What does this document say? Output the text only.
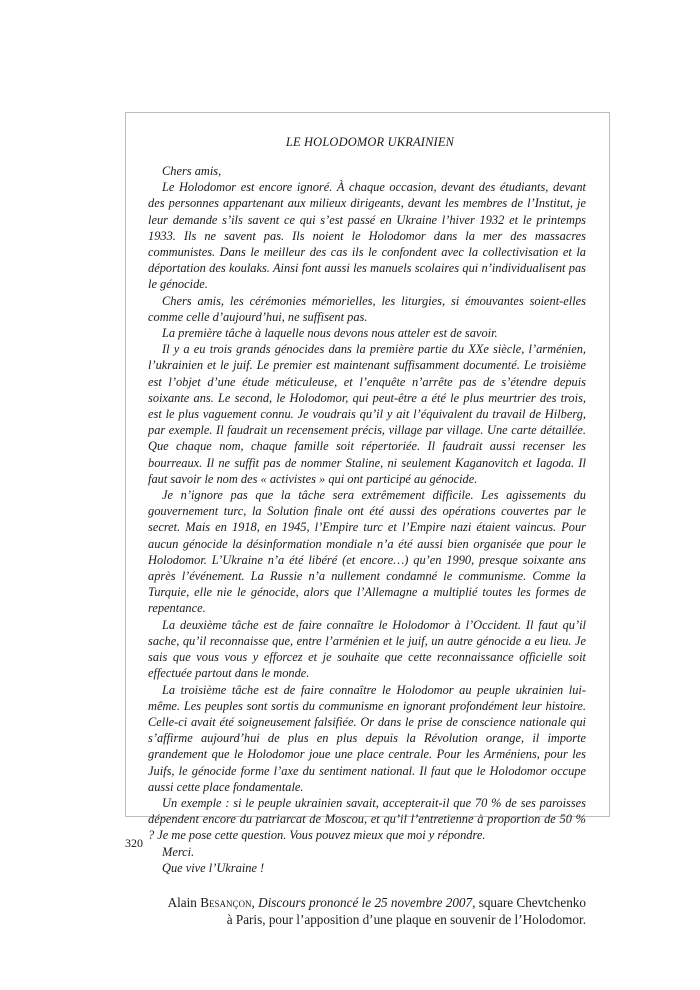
LE HOLODOMOR UKRAINIEN

Chers amis,

Le Holodomor est encore ignoré. À chaque occasion, devant des étudiants, devant des personnes appartenant aux milieux dirigeants, devant les membres de l’Institut, je leur demande s’ils savent ce qui s’est passé en Ukraine l’hiver 1932 et le printemps 1933. Ils ne savent pas. Ils noient le Holodomor dans la mer des massacres communistes. Dans le meilleur des cas ils le confondent avec la collectivisation et la déportation des koulaks. Ainsi font aussi les manuels scolaires qui n’individualisent pas le génocide.

Chers amis, les cérémonies mémorielles, les liturgies, si émouvantes soient-elles comme celle d’aujourd’hui, ne suffisent pas.

La première tâche à laquelle nous devons nous atteler est de savoir.

Il y a eu trois grands génocides dans la première partie du XXe siècle, l’arménien, l’ukrainien et le juif. Le premier est maintenant suffisamment documenté. Le troisième est l’objet d’une étude méticuleuse, et l’enquête n’arrête pas de s’étendre depuis soixante ans. Le second, le Holodomor, qui peut-être a été le plus meurtrier des trois, est le plus vaguement connu. Je voudrais qu’il y ait l’équivalent du travail de Hilberg, par exemple. Il faudrait un recensement précis, village par village. Une carte détaillée. Que chaque nom, chaque famille soit répertoriée. Il faudrait aussi recenser les bourreaux. Il ne suffit pas de nommer Staline, ni seulement Kaganovitch et Iagoda. Il faut savoir le nom des « activistes » qui ont participé au génocide.

Je n’ignore pas que la tâche sera extrêmement difficile. Les agissements du gouvernement turc, la Solution finale ont été aussi des opérations couvertes par le secret. Mais en 1918, en 1945, l’Empire turc et l’Empire nazi étaient vaincus. Pour aucun génocide la désinformation mondiale n’a été aussi bien organisée que pour le Holodomor. L’Ukraine n’a été libéré (et encore…) qu’en 1990, presque soixante ans après l’événement. La Russie n’a nullement condamné le communisme. Comme la Turquie, elle nie le génocide, alors que l’Allemagne a multiplié toutes les formes de repentance.

La deuxième tâche est de faire connaître le Holodomor à l’Occident. Il faut qu’il sache, qu’il reconnaisse que, entre l’arménien et le juif, un autre génocide a eu lieu. Je sais que vous vous y efforcez et je souhaite que cette reconnaissance officielle soit effectuée partout dans le monde.

La troisième tâche est de faire connaître le Holodomor au peuple ukrainien lui-même. Les peuples sont sortis du communisme en ignorant profondément leur histoire. Celle-ci avait été soigneusement falsifiée. Or dans le prise de conscience nationale qui s’affirme aujourd’hui de plus en plus depuis la Révolution orange, il importe grandement que le Holodomor joue une place centrale. Pour les Arméniens, pour les Juifs, le génocide forme l’axe du sentiment national. Il faut que le Holodomor occupe aussi cette place fondamentale.

Un exemple : si le peuple ukrainien savait, accepterait-il que 70 % de ses paroisses dépendent encore du patriarcat de Moscou, et qu’il l’entretienne à proportion de 50 % ? Je me pose cette question. Vous pouvez mieux que moi y répondre.

Merci.

Que vive l’Ukraine !

Alain Besançon, Discours prononcé le 25 novembre 2007, square Chevtchenko
à Paris, pour l’apposition d’une plaque en souvenir de l’Holodomor.
320
